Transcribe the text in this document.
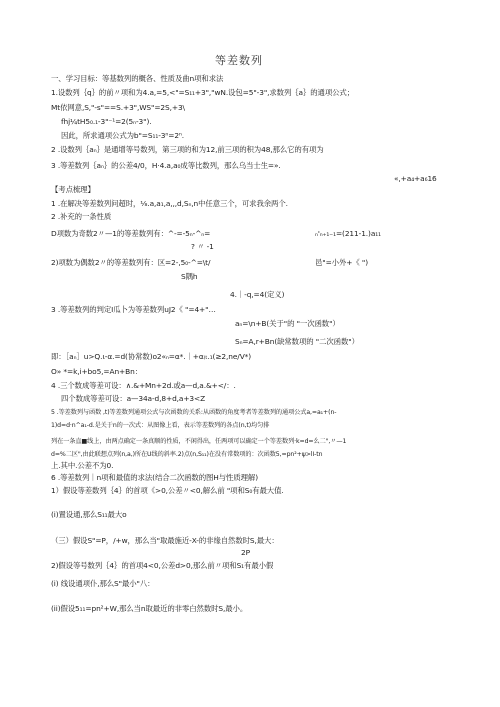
等差数列
一、学习目标：等基数列的概各、性质及曲n项和求法
1.设数列｛q｝的前〃项和为4.a,=5,<"=S₁₁+3","wN.设包=5"-3",求数列｛a｝的通项公式；
Mt依网意,S,"-s"==S.+3",WS"=2S,+3\
fhj¼tH5₀.₁-3"⁻¹=2(5ₙ-3").
因此，所求通项公式为b"=S₁₁-3ⁿ=2ⁿ.
2 .设数列｛aₙ｝是通增等号数列，第三项的和为12,前三项的积为48,那么它的有项为
3 .等差数列｛aₙ｝的公差4/0，H·4.a,a₀成等比数列，那么乌当士生=».
«,+a₄+a₆16
【考点梳理】
1 .在解决等差数列问超时，⅛.a,a₁,a,,,d,Sₙ,n中任意三个，可求我余两个.
2 .补充的一条性质
D项数为奇数2〃—1的等差数列有：^-=-5ₙ-^ₙ=	ₙ'ₙ₊₁₋₁=(211-1.)a₁₁
? 〃 -1
2)项数为偶数2〃的等差数列有：区=2-,5₀-^=\t/	邑"=小外+《 ")
S隅h
4.｜-q,=4(定义)
3 .等差数列的判定I瓜卜为等差数列uJ2《 "=4+"…
aₙ=\n+B(关于"的 "一次函数"）
Sₙ=A,r+Bn(缺常数项的 "二次函数"）
即：［aₙ］u>Q.ι-α.=d(协常数)o2«ₙ=α*.｜+α₍ₜ.₁(≥2,ne/V*)
O» *=k,i+bo5,=An+Bn：
4 .三个数成等差可设：∧.&+Mn+2d.或a—d,a.&+</：.
四个数成等差可设：a—34a-d,8+d,a+3<Z
5 .等差数列与函数 ,t)等差数列通项公式与次函数的关系:从函数的角度考者等差数列的通项公式a,=a₁+(n-
1)d=d·n^a₁-d.是关于n的一次式：从图像上看，表示等差数列的各点(n,t)均匀排
列在一条直■线上，由两点确定一条真顺的性质，不闲得出，任两项可以确定一个等差数列·k=d=么二",〃—1
d=%二区",由此联想点列(n,a,)所在U线的斜率.2)点(n,S₁₁)在没有常数项的：次函数5,=pn²+ψ>lI-tn
上.其中.公差不为0.
6 .等差数列｜n项和最值的求法(结合二次函数的图H与性质理解)
1）假设等差数列｛4｝的首项《>0,公差〃<0,解么前 "项和S₀有最大值.
(i)置设通,那么S₁₁最大o
（三）假设S"=P，/+w，那么当"取最施近-X-的非缘自然数时S,最大：
2P
2)假设等号数列｛4｝的首项4<0,公差d>0,那么前〃项和S₁有最小假
(i) 线设通项仆,那么S"最小"八：
(ii)假设5₁₁=pn²+W,那么当n取最近的非零白然数时S,最小。
